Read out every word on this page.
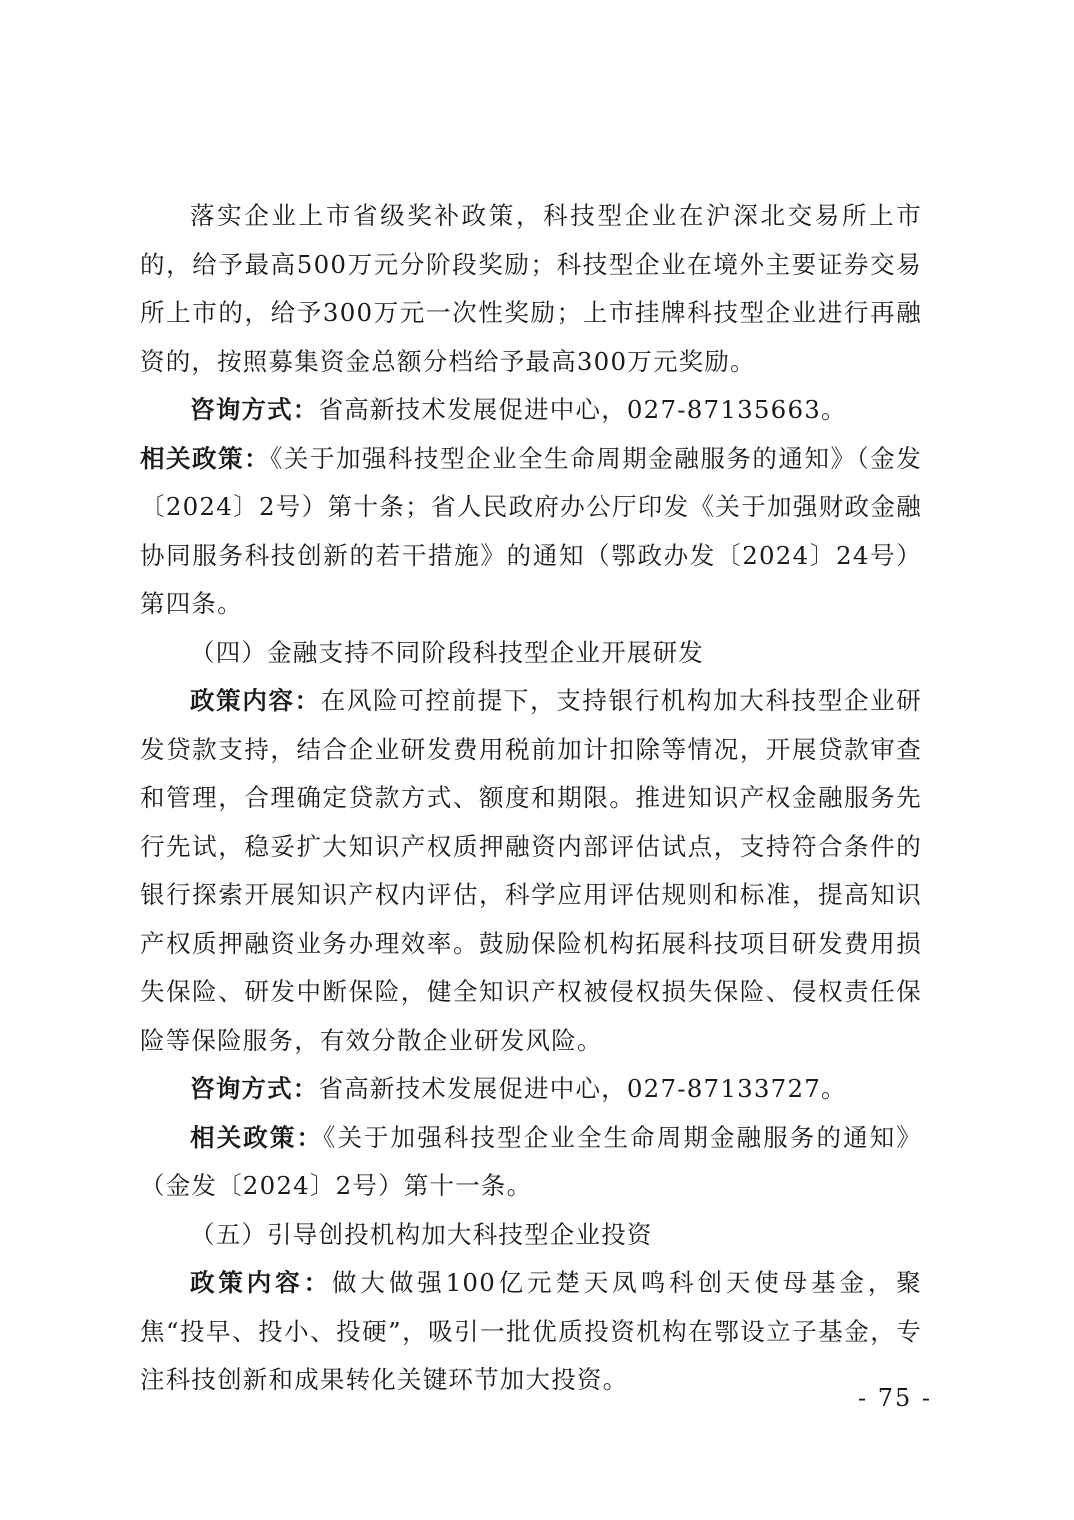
落实企业上市省级奖补政策，科技型企业在沪深北交易所上市的，给予最高500万元分阶段奖励；科技型企业在境外主要证券交易所上市的，给予300万元一次性奖励；上市挂牌科技型企业进行再融资的，按照募集资金总额分档给予最高300万元奖励。

咨询方式：省高新技术发展促进中心，027-87135663。

相关政策：《关于加强科技型企业全生命周期金融服务的通知》（金发〔2024〕2号）第十条；省人民政府办公厅印发《关于加强财政金融协同服务科技创新的若干措施》的通知（鄂政办发〔2024〕24号）第四条。

（四）金融支持不同阶段科技型企业开展研发

政策内容：在风险可控前提下，支持银行机构加大科技型企业研发贷款支持，结合企业研发费用税前加计扣除等情况，开展贷款审查和管理，合理确定贷款方式、额度和期限。推进知识产权金融服务先行先试，稳妥扩大知识产权质押融资内部评估试点，支持符合条件的银行探索开展知识产权内评估，科学应用评估规则和标准，提高知识产权质押融资业务办理效率。鼓励保险机构拓展科技项目研发费用损失保险、研发中断保险，健全知识产权被侵权损失保险、侵权责任保险等保险服务，有效分散企业研发风险。

咨询方式：省高新技术发展促进中心，027-87133727。

相关政策：《关于加强科技型企业全生命周期金融服务的通知》（金发〔2024〕2号）第十一条。

（五）引导创投机构加大科技型企业投资

政策内容：做大做强100亿元楚天凤鸣科创天使母基金，聚焦“投早、投小、投硬”，吸引一批优质投资机构在鄂设立子基金，专注科技创新和成果转化关键环节加大投资。

- 75 -
